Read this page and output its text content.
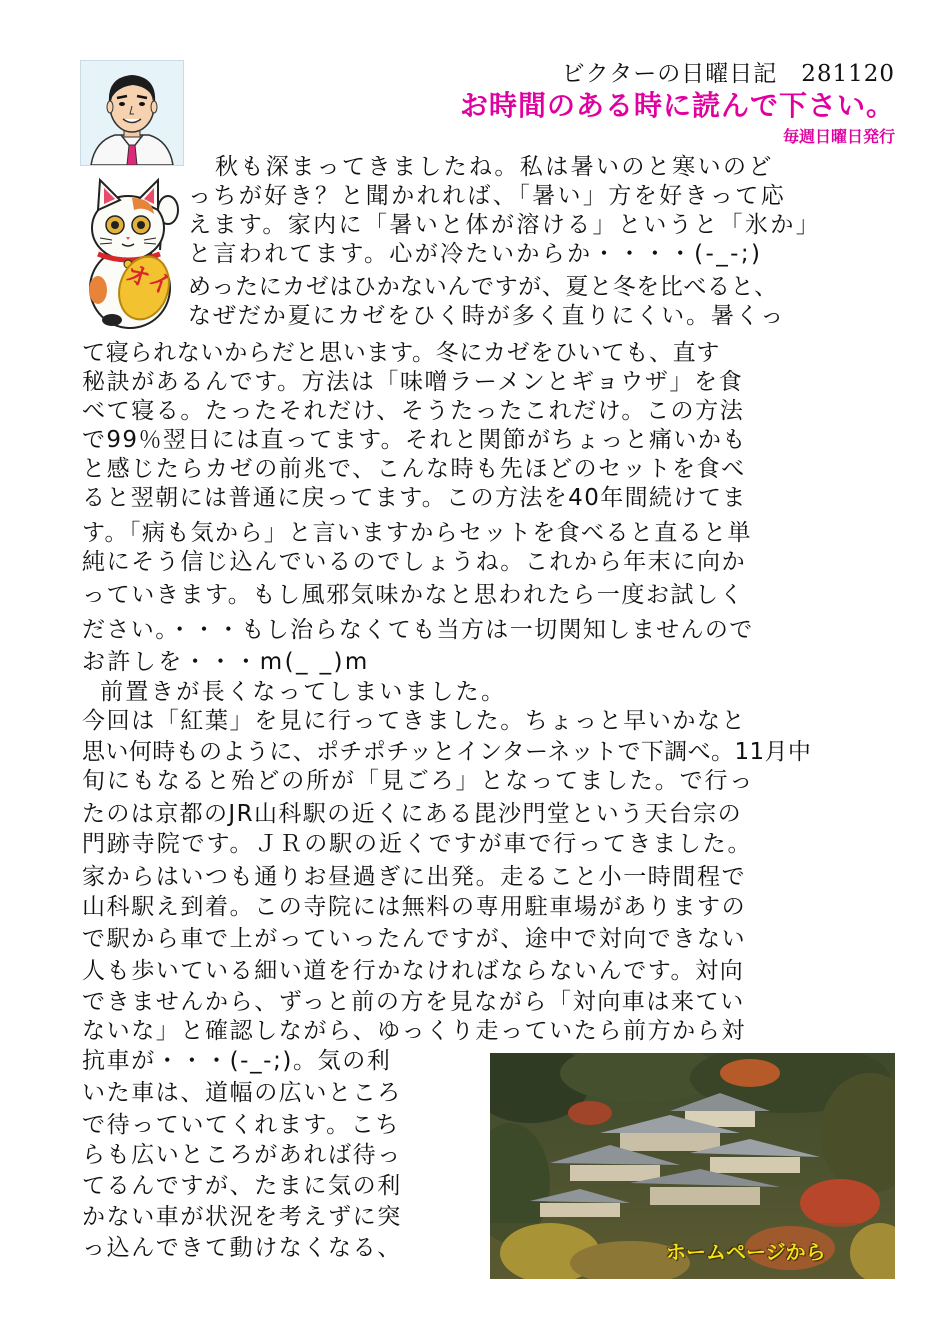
オイ
ビクターの日曜日記　281120
お時間のある時に読んで下さい。
毎週日曜日発行
秋も深まってきましたね。私は暑いのと寒いのど
っちが好き？と聞かれれば、「暑い」方を好きって応
えます。家内に「暑いと体が溶ける」というと「氷か」
と言われてます。心が冷たいからか・・・・(-_-;)
めったにカゼはひかないんですが、夏と冬を比べると、
なぜだか夏にカゼをひく時が多く直りにくい。暑くっ
て寝られないからだと思います。冬にカゼをひいても、直す
秘訣があるんです。方法は「味噌ラーメンとギョウザ」を食
べて寝る。たったそれだけ、そうたったこれだけ。この方法
で99％翌日には直ってます。それと関節がちょっと痛いかも
と感じたらカゼの前兆で、こんな時も先ほどのセットを食べ
ると翌朝には普通に戻ってます。この方法を40年間続けてま
す。「病も気から」と言いますからセットを食べると直ると単
純にそう信じ込んでいるのでしょうね。これから年末に向か
っていきます。もし風邪気味かなと思われたら一度お試しく
ださい。・・・もし治らなくても当方は一切関知しませんので
お許しを・・・m(_ _)m
前置きが長くなってしまいました。
今回は「紅葉」を見に行ってきました。ちょっと早いかなと
思い何時ものように、ポチポチッとインターネットで下調べ。11月中
旬にもなると殆どの所が「見ごろ」となってました。で行っ
たのは京都のJR山科駅の近くにある毘沙門堂という天台宗の
門跡寺院です。ＪＲの駅の近くですが車で行ってきました。
家からはいつも通りお昼過ぎに出発。走ること小一時間程で
山科駅え到着。この寺院には無料の専用駐車場がありますの
で駅から車で上がっていったんですが、途中で対向できない
人も歩いている細い道を行かなければならないんです。対向
できませんから、ずっと前の方を見ながら「対向車は来てい
ないな」と確認しながら、ゆっくり走っていたら前方から対
抗車が・・・(-_-;)。気の利
いた車は、道幅の広いところ
で待っていてくれます。こち
らも広いところがあれば待っ
てるんですが、たまに気の利
かない車が状況を考えずに突
っ込んできて動けなくなる、	ホームページから
